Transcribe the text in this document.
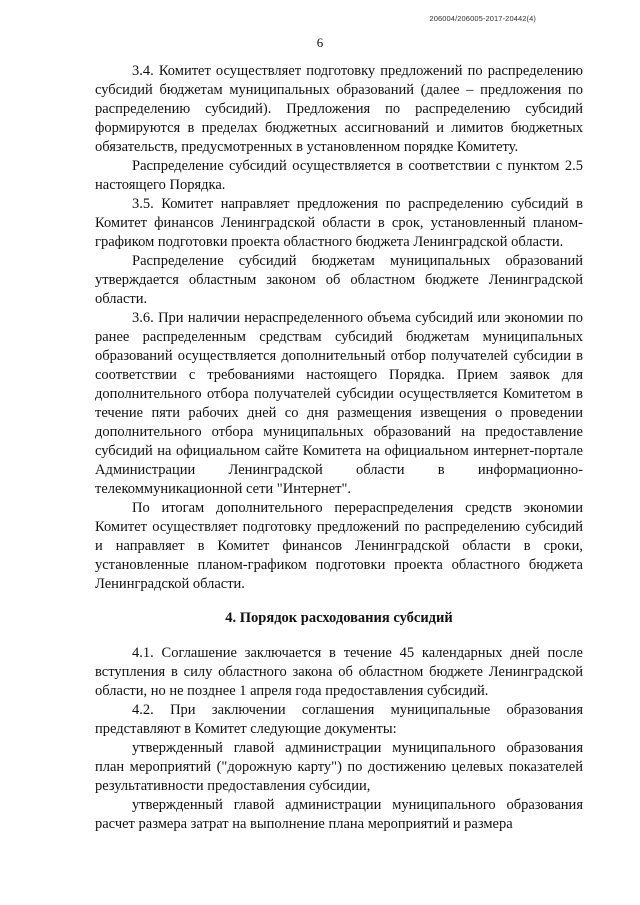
206004/206005-2017-20442(4)
6

3.4. Комитет осуществляет подготовку предложений по распределению субсидий бюджетам муниципальных образований (далее – предложения по распределению субсидий). Предложения по распределению субсидий формируются в пределах бюджетных ассигнований и лимитов бюджетных обязательств, предусмотренных в установленном порядке Комитету.

Распределение субсидий осуществляется в соответствии с пунктом 2.5 настоящего Порядка.

3.5. Комитет направляет предложения по распределению субсидий в Комитет финансов Ленинградской области в срок, установленный планом-графиком подготовки проекта областного бюджета Ленинградской области.

Распределение субсидий бюджетам муниципальных образований утверждается областным законом об областном бюджете Ленинградской области.

3.6. При наличии нераспределенного объема субсидий или экономии по ранее распределенным средствам субсидий бюджетам муниципальных образований осуществляется дополнительный отбор получателей субсидии в соответствии с требованиями настоящего Порядка. Прием заявок для дополнительного отбора получателей субсидии осуществляется Комитетом в течение пяти рабочих дней со дня размещения извещения о проведении дополнительного отбора муниципальных образований на предоставление субсидий на официальном сайте Комитета на официальном интернет-портале Администрации Ленинградской области в информационно-телекоммуникационной сети "Интернет".

По итогам дополнительного перераспределения средств экономии Комитет осуществляет подготовку предложений по распределению субсидий и направляет в Комитет финансов Ленинградской области в сроки, установленные планом-графиком подготовки проекта областного бюджета Ленинградской области.

4. Порядок расходования субсидий

4.1. Соглашение заключается в течение 45 календарных дней после вступления в силу областного закона об областном бюджете Ленинградской области, но не позднее 1 апреля года предоставления субсидий.

4.2. При заключении соглашения муниципальные образования представляют в Комитет следующие документы:

утвержденный главой администрации муниципального образования план мероприятий ("дорожную карту") по достижению целевых показателей результативности предоставления субсидии,

утвержденный главой администрации муниципального образования расчет размера затрат на выполнение плана мероприятий и размера
